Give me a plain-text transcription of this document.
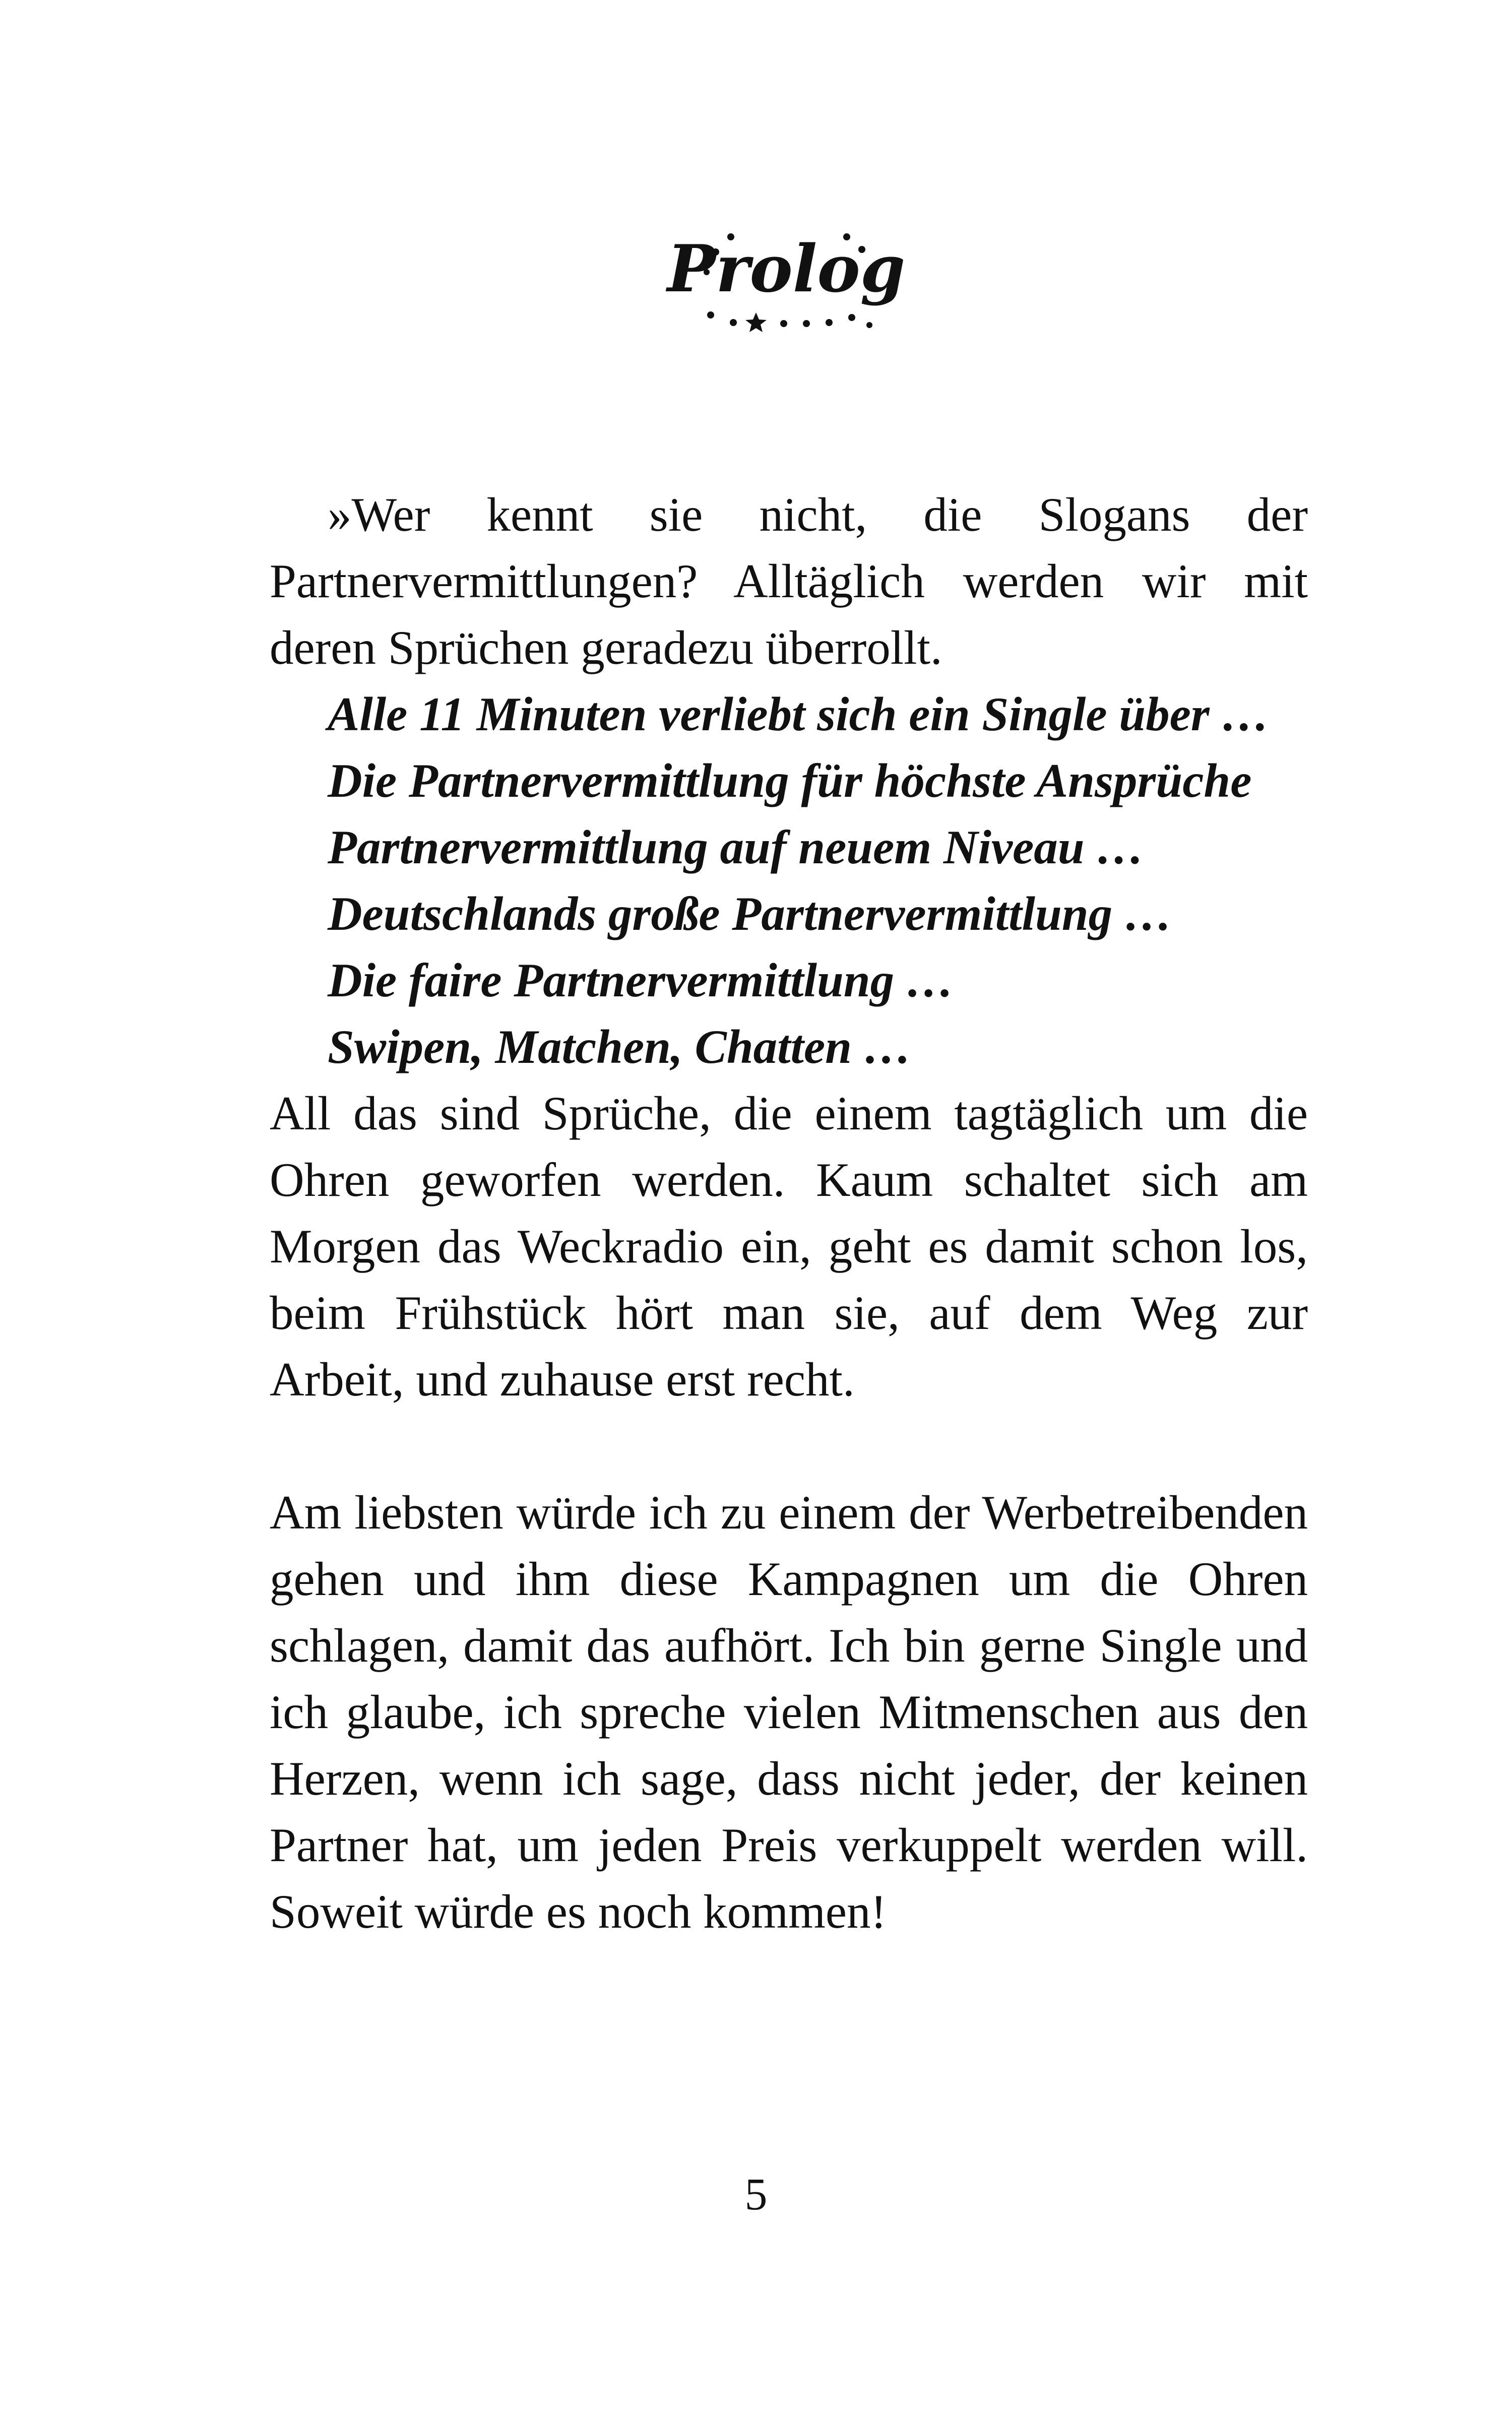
Prolog

»Wer kennt sie nicht, die Slogans der Partnervermittlungen? Alltäglich werden wir mit deren Sprüchen geradezu überrollt.

Alle 11 Minuten verliebt sich ein Single über …
Die Partnervermittlung für höchste Ansprüche
Partnervermittlung auf neuem Niveau …
Deutschlands große Partnervermittlung …
Die faire Partnervermittlung …
Swipen, Matchen, Chatten …

All das sind Sprüche, die einem tagtäglich um die Ohren geworfen werden. Kaum schaltet sich am Morgen das Weckradio ein, geht es damit schon los, beim Frühstück hört man sie, auf dem Weg zur Arbeit, und zuhause erst recht.

Am liebsten würde ich zu einem der Werbetreibenden gehen und ihm diese Kampagnen um die Ohren schlagen, damit das aufhört. Ich bin gerne Single und ich glaube, ich spreche vielen Mitmenschen aus den Herzen, wenn ich sage, dass nicht jeder, der keinen Partner hat, um jeden Preis verkuppelt werden will. Soweit würde es noch kommen!

5
